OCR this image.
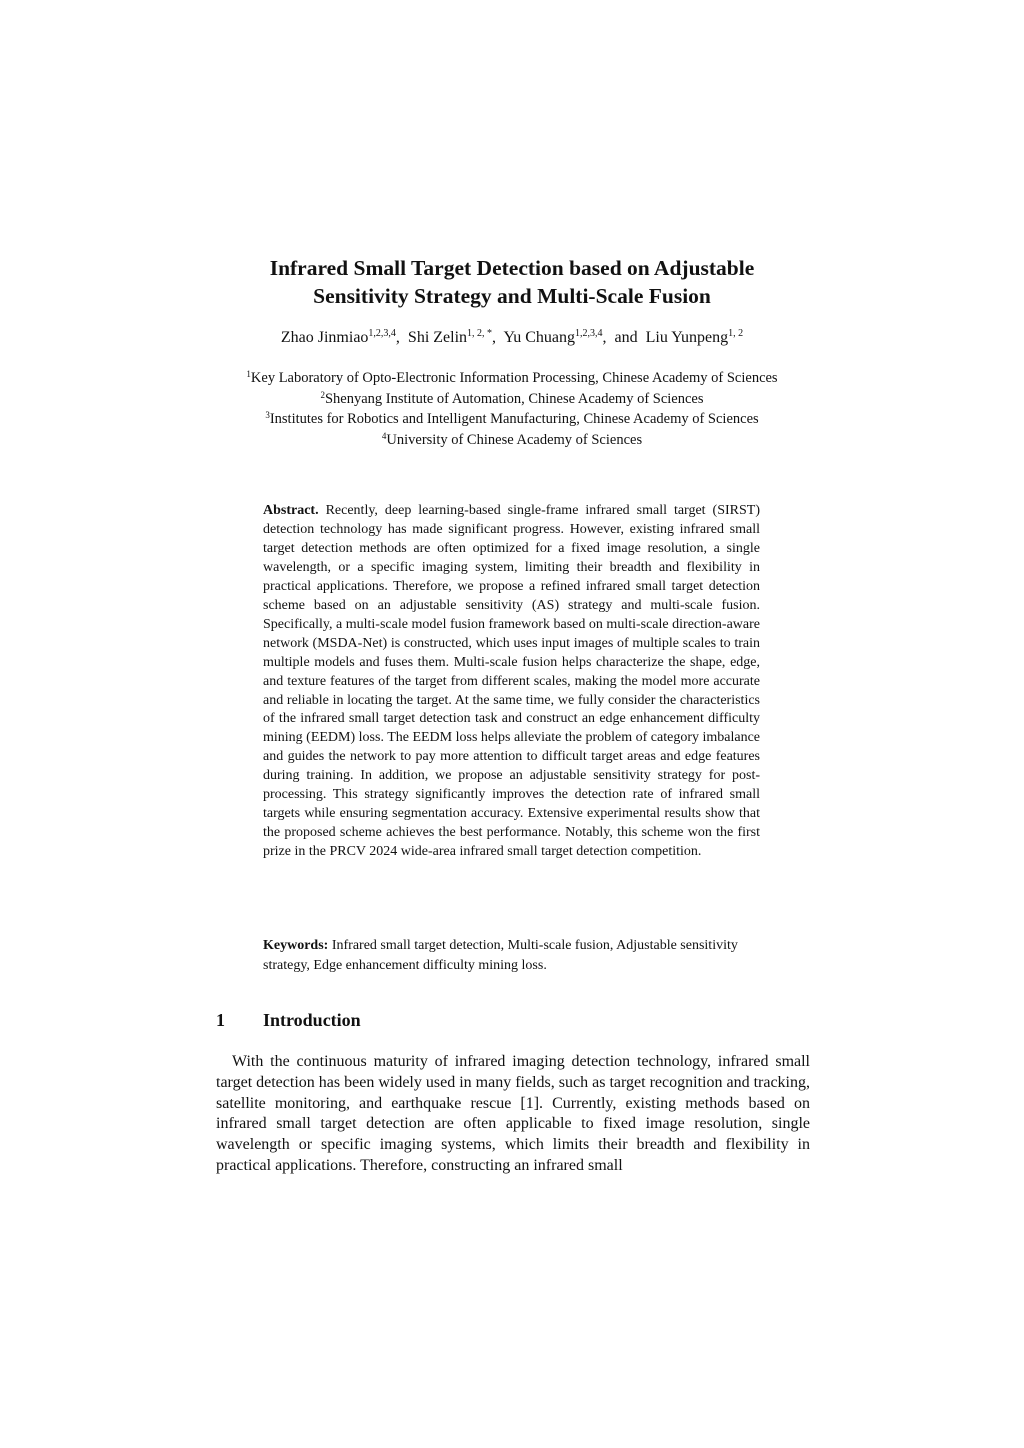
Infrared Small Target Detection based on Adjustable
Sensitivity Strategy and Multi-Scale Fusion
Zhao Jinmiao$^{1,2,3,4}$, Shi Zelin$^{1, 2, *}$, Yu Chuang$^{1,2,3,4}$, and Liu Yunpeng$^{1, 2}$
$^1$Key Laboratory of Opto-Electronic Information Processing, Chinese Academy of Sciences
$^2$Shenyang Institute of Automation, Chinese Academy of Sciences
$^3$Institutes for Robotics and Intelligent Manufacturing, Chinese Academy of Sciences
$^4$University of Chinese Academy of Sciences

Abstract. Recently, deep learning-based single-frame infrared small target (SIRST) detection technology has made significant progress. However, existing infrared small target detection methods are often optimized for a fixed image resolution, a single wavelength, or a specific imaging system, limiting their breadth and flexibility in practical applications. Therefore, we propose a refined infrared small target detection scheme based on an adjustable sensitivity (AS) strategy and multi-scale fusion. Specifically, a multi-scale model fusion framework based on multi-scale direction-aware network (MSDA-Net) is constructed, which uses input images of multiple scales to train multiple models and fuses them. Multi-scale fusion helps characterize the shape, edge, and texture features of the target from different scales, making the model more accurate and reliable in locating the target. At the same time, we fully consider the characteristics of the infrared small target detection task and construct an edge enhancement difficulty mining (EEDM) loss. The EEDM loss helps alleviate the problem of category imbalance and guides the network to pay more attention to difficult target areas and edge features during training. In addition, we propose an adjustable sensitivity strategy for post-processing. This strategy significantly improves the detection rate of infrared small targets while ensuring segmentation accuracy. Extensive experimental results show that the proposed scheme achieves the best performance. Notably, this scheme won the first prize in the PRCV 2024 wide-area infrared small target detection competition.

Keywords: Infrared small target detection, Multi-scale fusion, Adjustable sensitivity strategy, Edge enhancement difficulty mining loss.

1 Introduction

With the continuous maturity of infrared imaging detection technology, infrared small target detection has been widely used in many fields, such as target recognition and tracking, satellite monitoring, and earthquake rescue [1]. Currently, existing methods based on infrared small target detection are often applicable to fixed image resolution, single wavelength or specific imaging systems, which limits their breadth and flexibility in practical applications. Therefore, constructing an infrared small
